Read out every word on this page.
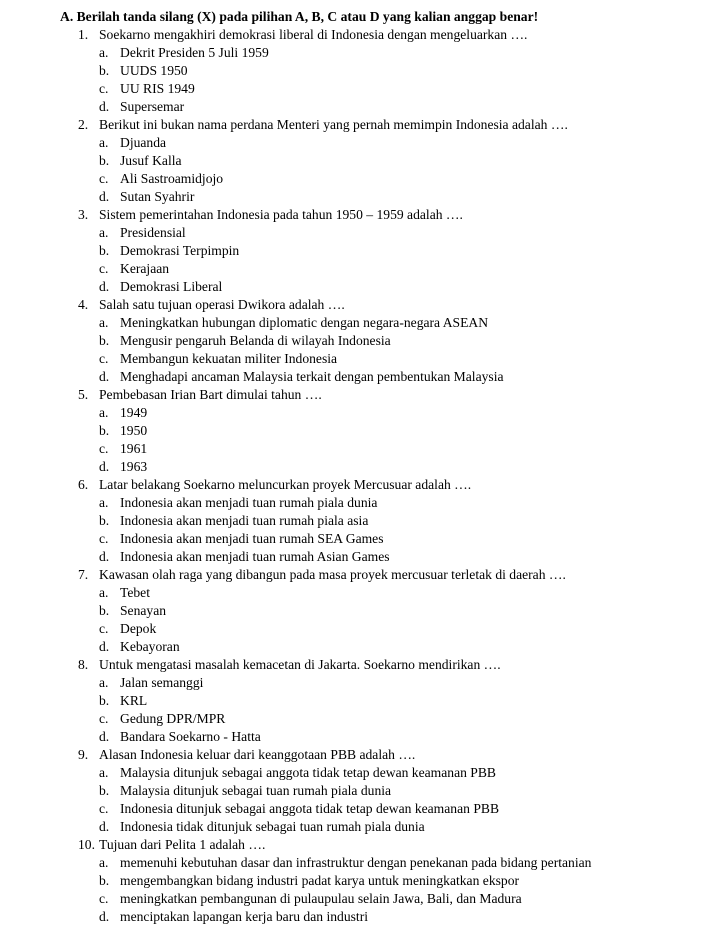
A. Berilah tanda silang (X) pada pilihan A, B, C atau D yang kalian anggap benar!
1. Soekarno mengakhiri demokrasi liberal di Indonesia dengan mengeluarkan ….
a. Dekrit Presiden 5 Juli 1959
b. UUDS 1950
c. UU RIS 1949
d. Supersemar
2. Berikut ini bukan nama perdana Menteri yang pernah memimpin Indonesia adalah ….
a. Djuanda
b. Jusuf Kalla
c. Ali Sastroamidjojo
d. Sutan Syahrir
3. Sistem pemerintahan Indonesia pada tahun 1950 – 1959 adalah ….
a. Presidensial
b. Demokrasi Terpimpin
c. Kerajaan
d. Demokrasi Liberal
4. Salah satu tujuan operasi Dwikora adalah ….
a. Meningkatkan hubungan diplomatic dengan negara-negara ASEAN
b. Mengusir pengaruh Belanda di wilayah Indonesia
c. Membangun kekuatan militer Indonesia
d. Menghadapi ancaman Malaysia terkait dengan pembentukan Malaysia
5. Pembebasan Irian Bart dimulai tahun ….
a. 1949
b. 1950
c. 1961
d. 1963
6. Latar belakang Soekarno meluncurkan proyek Mercusuar adalah ….
a. Indonesia akan menjadi tuan rumah piala dunia
b. Indonesia akan menjadi tuan rumah piala asia
c. Indonesia akan menjadi tuan rumah SEA Games
d. Indonesia akan menjadi tuan rumah Asian Games
7. Kawasan olah raga yang dibangun pada masa proyek mercusuar terletak di daerah ….
a. Tebet
b. Senayan
c. Depok
d. Kebayoran
8. Untuk mengatasi masalah kemacetan di Jakarta. Soekarno mendirikan ….
a. Jalan semanggi
b. KRL
c. Gedung DPR/MPR
d. Bandara Soekarno - Hatta
9. Alasan Indonesia keluar dari keanggotaan PBB adalah ….
a. Malaysia ditunjuk sebagai anggota tidak tetap dewan keamanan PBB
b. Malaysia ditunjuk sebagai tuan rumah piala dunia
c. Indonesia ditunjuk sebagai anggota tidak tetap dewan keamanan PBB
d. Indonesia tidak ditunjuk sebagai tuan rumah piala dunia
10. Tujuan dari Pelita 1 adalah ….
a. memenuhi kebutuhan dasar dan infrastruktur dengan penekanan pada bidang pertanian
b. mengembangkan bidang industri padat karya untuk meningkatkan ekspor
c. meningkatkan pembangunan di pulaupulau selain Jawa, Bali, dan Madura
d. menciptakan lapangan kerja baru dan industri
